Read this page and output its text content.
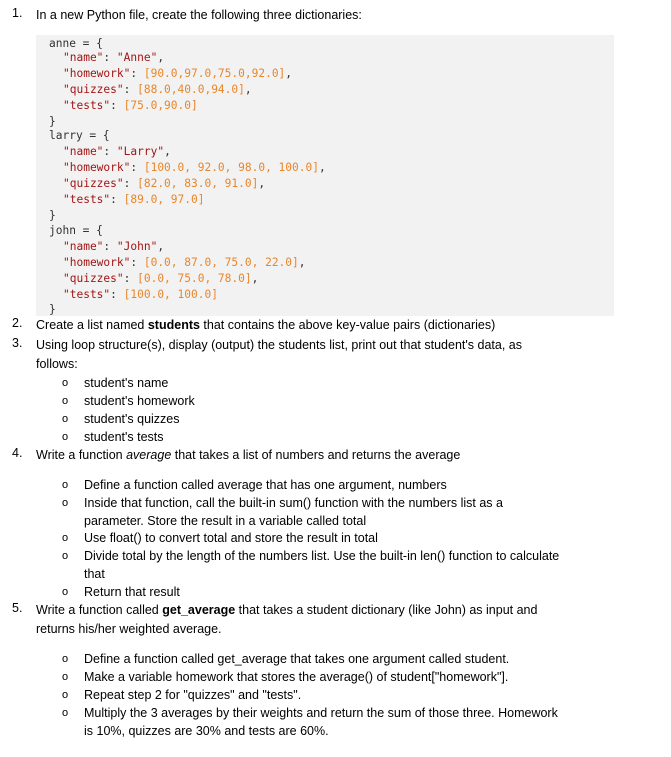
1. In a new Python file, create the following three dictionaries:
anne = {
"name": "Anne",
"homework": [90.0,97.0,75.0,92.0],
"quizzes": [88.0,40.0,94.0],
"tests": [75.0,90.0]
}
larry = {
"name": "Larry",
"homework": [100.0, 92.0, 98.0, 100.0],
"quizzes": [82.0, 83.0, 91.0],
"tests": [89.0, 97.0]
}
john = {
"name": "John",
"homework": [0.0, 87.0, 75.0, 22.0],
"quizzes": [0.0, 75.0, 78.0],
"tests": [100.0, 100.0]
}
2. Create a list named students that contains the above key-value pairs (dictionaries)
3. Using loop structure(s), display (output) the students list, print out that student's data, as
follows:
o student's name
o student's homework
o student's quizzes
o student's tests
4. Write a function average that takes a list of numbers and returns the average
o Define a function called average that has one argument, numbers
o Inside that function, call the built-in sum() function with the numbers list as a
parameter. Store the result in a variable called total
o Use float() to convert total and store the result in total
o Divide total by the length of the numbers list. Use the built-in len() function to calculate
that
o Return that result
5. Write a function called get_average that takes a student dictionary (like John) as input and
returns his/her weighted average.
o Define a function called get_average that takes one argument called student.
o Make a variable homework that stores the average() of student["homework"].
o Repeat step 2 for "quizzes" and "tests".
o Multiply the 3 averages by their weights and return the sum of those three. Homework
is 10%, quizzes are 30% and tests are 60%.
